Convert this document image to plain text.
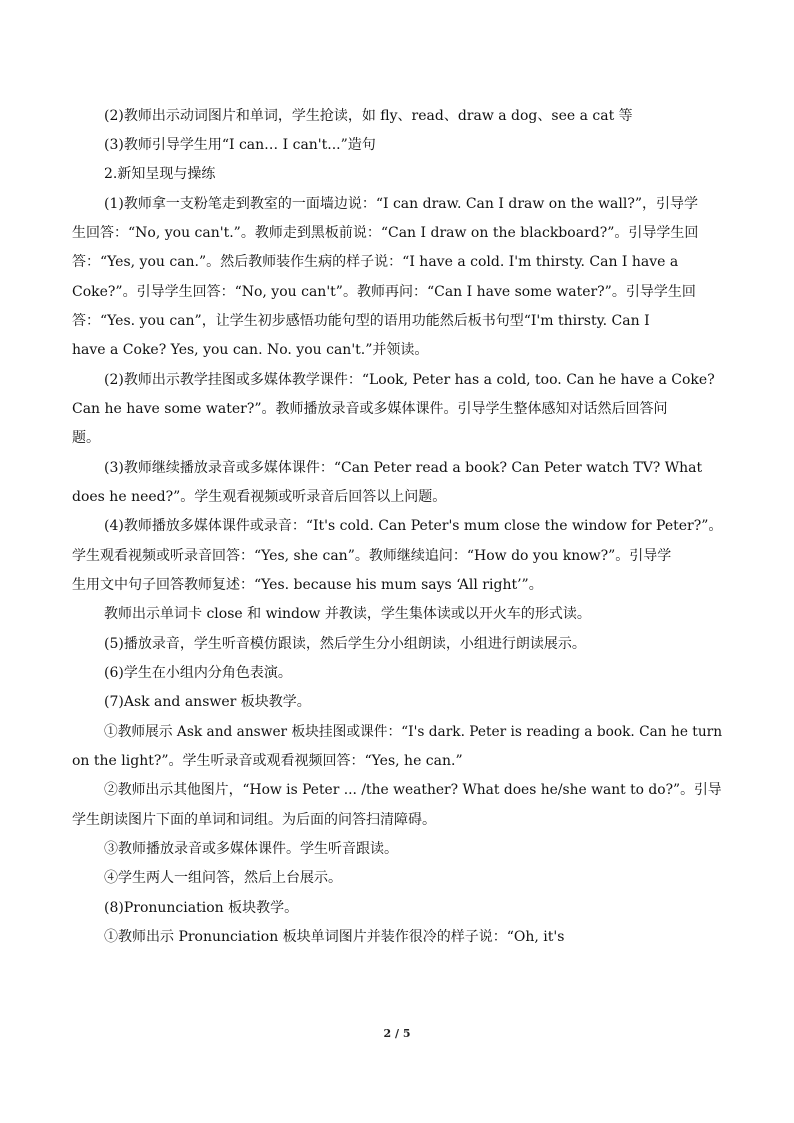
(2)教师出示动词图片和单词，学生抢读，如 fly、read、draw a dog、see a cat 等
(3)教师引导学生用“I can… I can't...”造句
2.新知呈现与操练
(1)教师拿一支粉笔走到教室的一面墙边说：“I can draw. Can I draw on the wall?”，引导学
生回答：“No, you can't.”。教师走到黑板前说：“Can I draw on the blackboard?”。引导学生回
答：“Yes, you can.”。然后教师装作生病的样子说：“I have a cold. I'm thirsty. Can I have a
Coke?”。引导学生回答：“No, you can't”。教师再问：“Can I have some water?”。引导学生回
答：“Yes. you can”，让学生初步感悟功能句型的语用功能然后板书句型“I'm thirsty. Can I
have a Coke? Yes, you can. No. you can't.”并领读。
(2)教师出示教学挂图或多媒体教学课件：“Look, Peter has a cold, too. Can he have a Coke?
Can he have some water?”。教师播放录音或多媒体课件。引导学生整体感知对话然后回答问
题。
(3)教师继续播放录音或多媒体课件：“Can Peter read a book? Can Peter watch TV? What
does he need?”。学生观看视频或听录音后回答以上问题。
(4)教师播放多媒体课件或录音：“It's cold. Can Peter's mum close the window for Peter?”。
学生观看视频或听录音回答：“Yes, she can”。教师继续追问：“How do you know?”。引导学
生用文中句子回答教师复述：“Yes. because his mum says ‘All right’”。
教师出示单词卡 close 和 window 并教读，学生集体读或以开火车的形式读。
(5)播放录音，学生听音模仿跟读，然后学生分小组朗读，小组进行朗读展示。
(6)学生在小组内分角色表演。
(7)Ask and answer 板块教学。
①教师展示 Ask and answer 板块挂图或课件：“I's dark. Peter is reading a book. Can he turn
on the light?”。学生听录音或观看视频回答：“Yes, he can.”
②教师出示其他图片，“How is Peter ... /the weather? What does he/she want to do?”。引导
学生朗读图片下面的单词和词组。为后面的问答扫清障碍。
③教师播放录音或多媒体课件。学生听音跟读。
④学生两人一组问答，然后上台展示。
(8)Pronunciation 板块教学。
①教师出示 Pronunciation 板块单词图片并装作很冷的样子说：“Oh, it's
2 / 5
